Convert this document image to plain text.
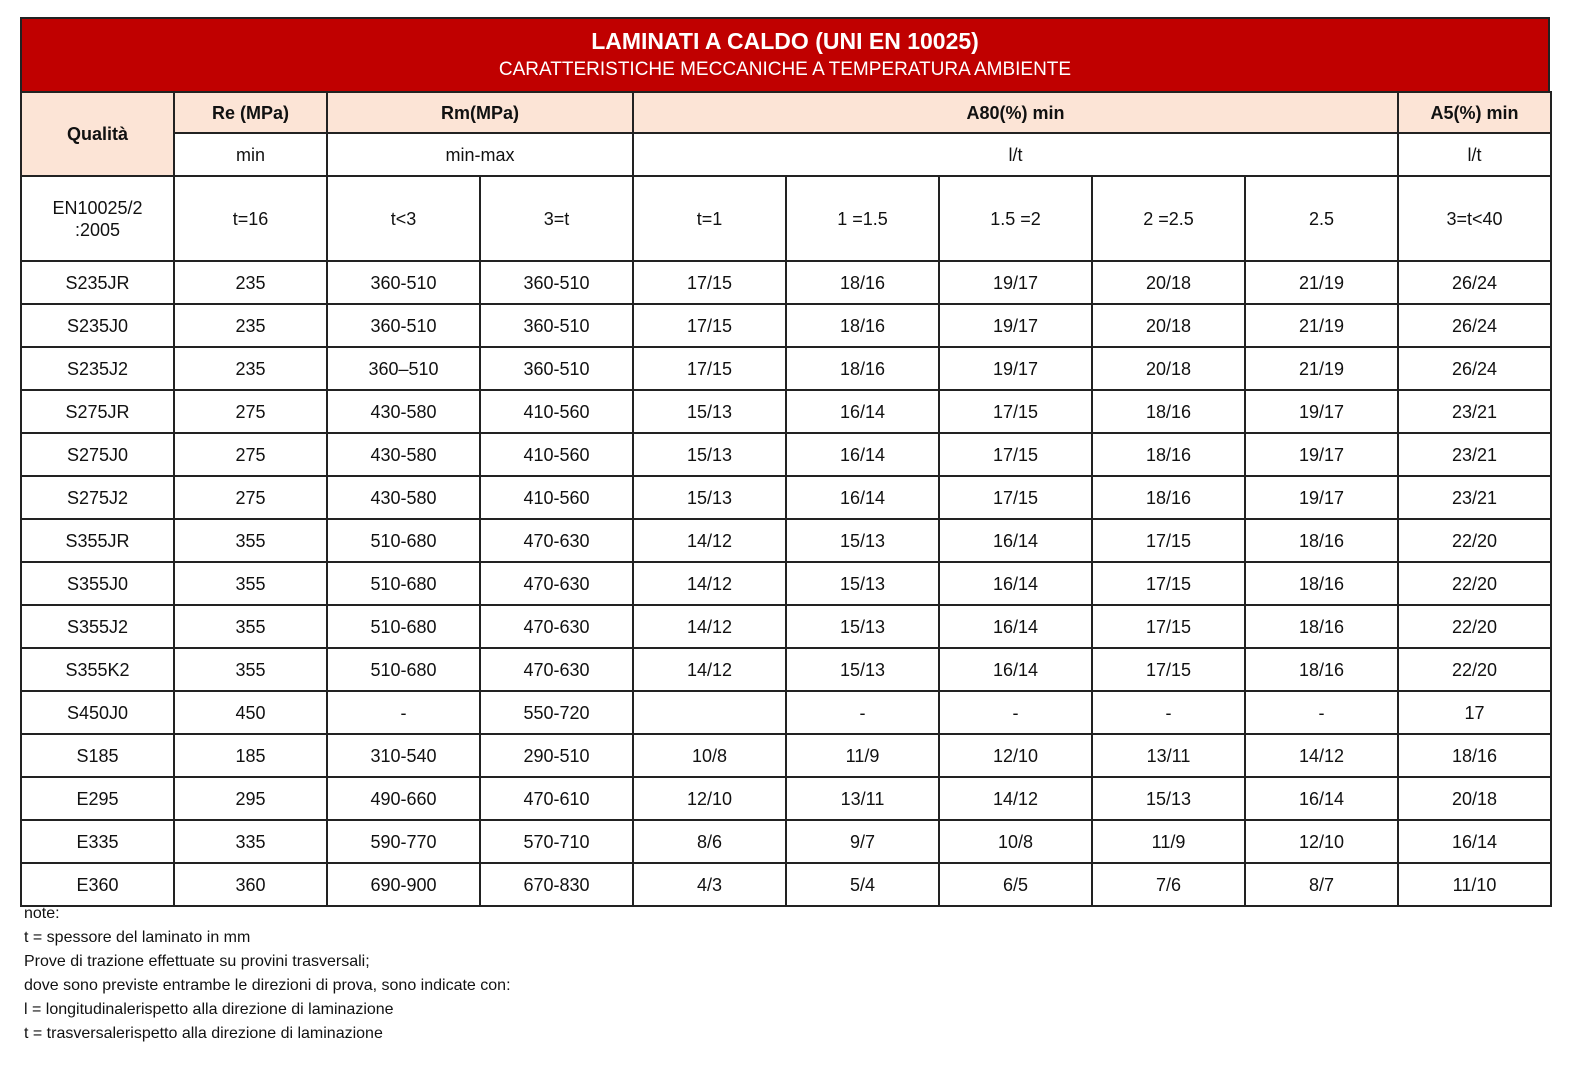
LAMINATI A CALDO (UNI EN 10025)
CARATTERISTICHE MECCANICHE A TEMPERATURA AMBIENTE
Qualità	Re (MPa)	Rm(MPa)		A80(%) min					A5(%) min
	min	min-max		l/t					l/t
EN10025/2
:2005	t=16	t<3	3=t	t=1	1 =1.5	1.5 =2	2 =2.5	2.5	3=t<40
S235JR	235	360-510	360-510	17/15	18/16	19/17	20/18	21/19	26/24
S235J0	235	360-510	360-510	17/15	18/16	19/17	20/18	21/19	26/24
S235J2	235	360–510	360-510	17/15	18/16	19/17	20/18	21/19	26/24
S275JR	275	430-580	410-560	15/13	16/14	17/15	18/16	19/17	23/21
S275J0	275	430-580	410-560	15/13	16/14	17/15	18/16	19/17	23/21
S275J2	275	430-580	410-560	15/13	16/14	17/15	18/16	19/17	23/21
S355JR	355	510-680	470-630	14/12	15/13	16/14	17/15	18/16	22/20
S355J0	355	510-680	470-630	14/12	15/13	16/14	17/15	18/16	22/20
S355J2	355	510-680	470-630	14/12	15/13	16/14	17/15	18/16	22/20
S355K2	355	510-680	470-630	14/12	15/13	16/14	17/15	18/16	22/20
S450J0	450	-	550-720		-	-	-	-	17
S185	185	310-540	290-510	10/8	11/9	12/10	13/11	14/12	18/16
E295	295	490-660	470-610	12/10	13/11	14/12	15/13	16/14	20/18
E335	335	590-770	570-710	8/6	9/7	10/8	11/9	12/10	16/14
E360	360	690-900	670-830	4/3	5/4	6/5	7/6	8/7	11/10
note:
t = spessore del laminato in mm
Prove di trazione effettuate su provini trasversali;
dove sono previste entrambe le direzioni di prova, sono indicate con:
l = longitudinalerispetto alla direzione di laminazione
t = trasversalerispetto alla direzione di laminazione
